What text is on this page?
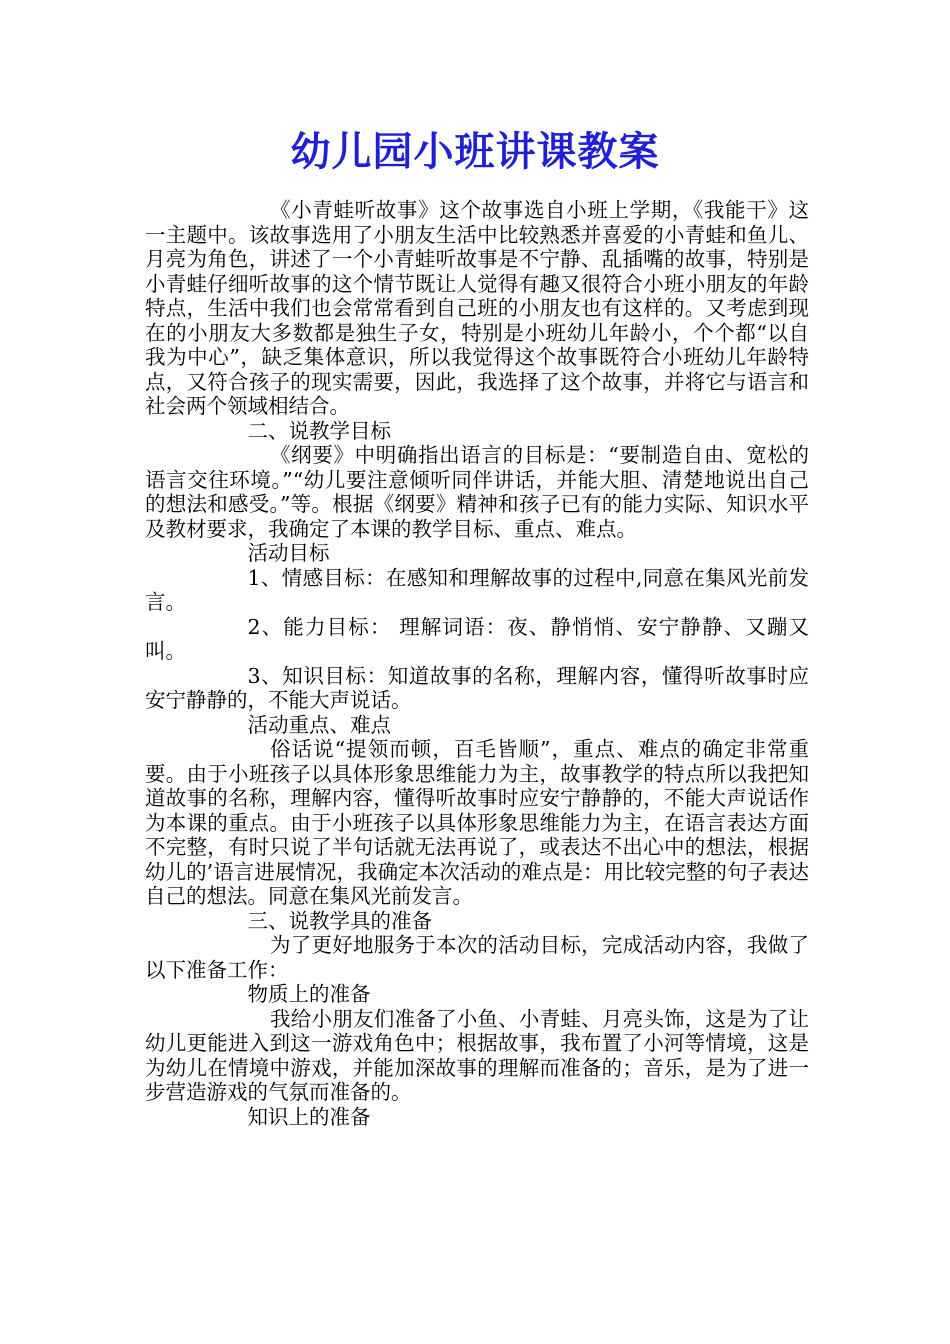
幼儿园小班讲课教案

《小青蛙听故事》这个故事选自小班上学期，《我能干》这一主题中。该故事选用了小朋友生活中比较熟悉并喜爱的小青蛙和鱼儿、月亮为角色，讲述了一个小青蛙听故事是不宁静、乱插嘴的故事，特别是小青蛙仔细听故事的这个情节既让人觉得有趣又很符合小班小朋友的年龄特点，生活中我们也会常常看到自己班的小朋友也有这样的。又考虑到现在的小朋友大多数都是独生子女，特别是小班幼儿年龄小，个个都“以自我为中心”，缺乏集体意识，所以我觉得这个故事既符合小班幼儿年龄特点，又符合孩子的现实需要，因此，我选择了这个故事，并将它与语言和社会两个领域相结合。

二、说教学目标

《纲要》中明确指出语言的目标是：“要制造自由、宽松的语言交往环境。”“幼儿要注意倾听同伴讲话，并能大胆、清楚地说出自己的想法和感受。”等。根据《纲要》精神和孩子已有的能力实际、知识水平及教材要求，我确定了本课的教学目标、重点、难点。

活动目标

1、情感目标：在感知和理解故事的过程中,同意在集风光前发言。

2、能力目标： 理解词语：夜、静悄悄、安宁静静、又蹦又叫。

3、知识目标：知道故事的名称，理解内容，懂得听故事时应安宁静静的，不能大声说话。

活动重点、难点

俗话说“提领而顿，百毛皆顺”，重点、难点的确定非常重要。由于小班孩子以具体形象思维能力为主，故事教学的特点所以我把知道故事的名称，理解内容，懂得听故事时应安宁静静的，不能大声说话作为本课的重点。由于小班孩子以具体形象思维能力为主，在语言表达方面不完整，有时只说了半句话就无法再说了，或表达不出心中的想法，根据幼儿的’语言进展情况，我确定本次活动的难点是：用比较完整的句子表达自己的想法。同意在集风光前发言。

三、说教学具的准备

为了更好地服务于本次的活动目标，完成活动内容，我做了以下准备工作：

物质上的准备

我给小朋友们准备了小鱼、小青蛙、月亮头饰，这是为了让幼儿更能进入到这一游戏角色中；根据故事，我布置了小河等情境，这是为幼儿在情境中游戏，并能加深故事的理解而准备的；音乐，是为了进一步营造游戏的气氛而准备的。

知识上的准备
